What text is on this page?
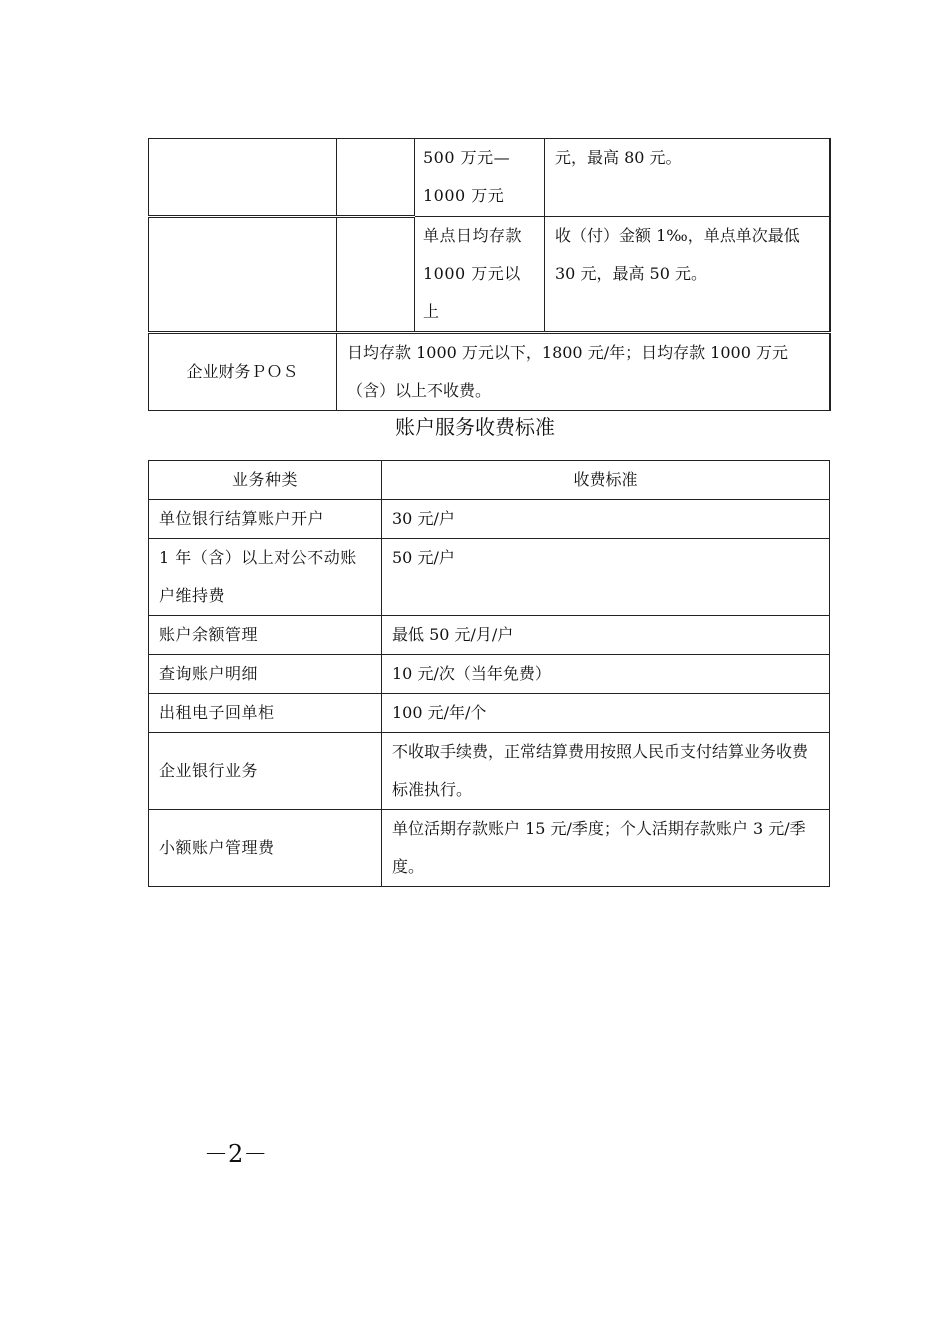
		500 万元—1000 万元	元，最高 80 元。
		单点日均存款 1000 万元以上	收（付）金额 1‰，单点单次最低 30 元，最高 50 元。
企业财务ＰＯＳ	日均存款 1000 万元以下，1800 元/年；日均存款 1000 万元（含）以上不收费。		
账户服务收费标准
业务种类	收费标准
单位银行结算账户开户	30 元/户
1 年（含）以上对公不动账户维持费	50 元/户
账户余额管理	最低 50 元/月/户
查询账户明细	10 元/次（当年免费）
出租电子回单柜	100 元/年/个
企业银行业务	不收取手续费，正常结算费用按照人民币支付结算业务收费标准执行。
小额账户管理费	单位活期存款账户 15 元/季度；个人活期存款账户 3 元/季度。
－2－
